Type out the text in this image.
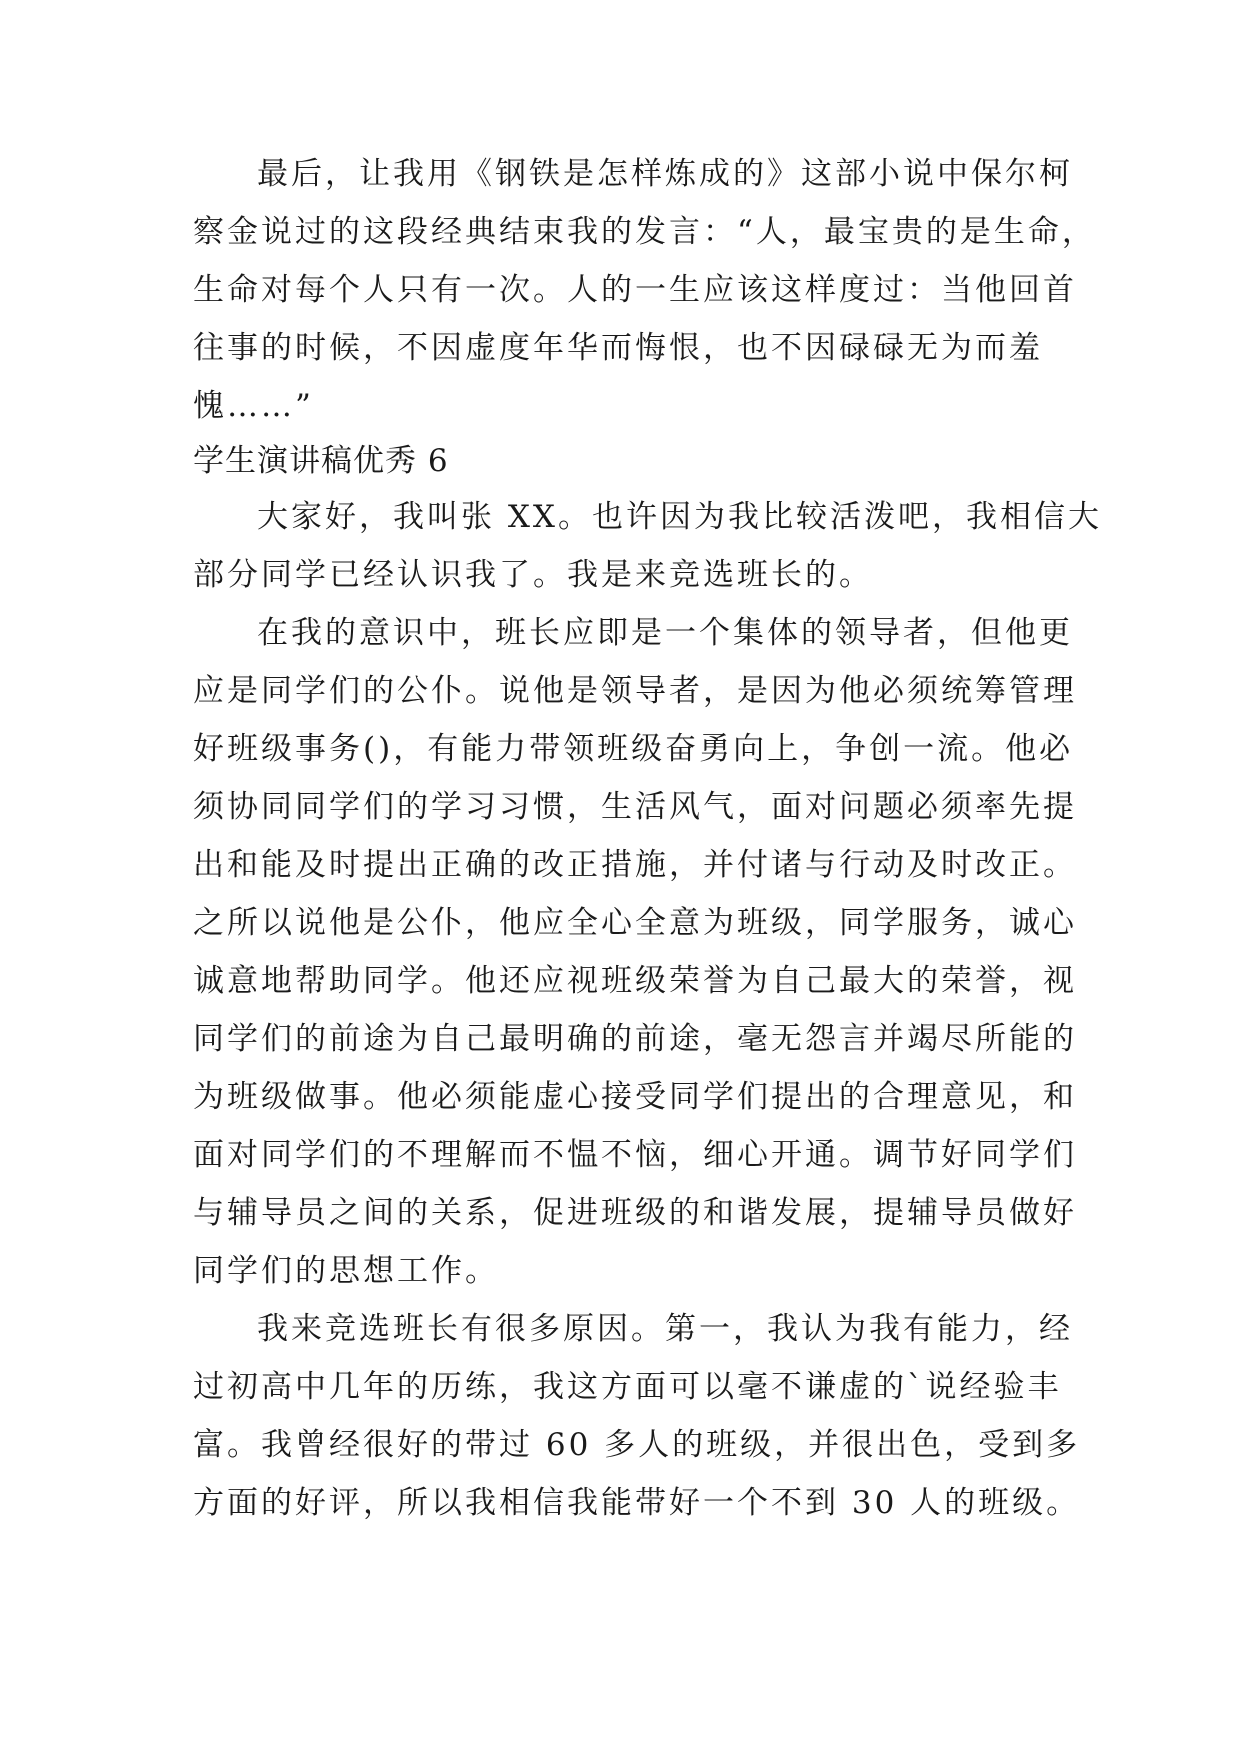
最后，让我用《钢铁是怎样炼成的》这部小说中保尔柯
察金说过的这段经典结束我的发言：“人，最宝贵的是生命，
生命对每个人只有一次。人的一生应该这样度过：当他回首
往事的时候，不因虚度年华而悔恨，也不因碌碌无为而羞
愧……”
学生演讲稿优秀 6
大家好，我叫张 XX。也许因为我比较活泼吧，我相信大
部分同学已经认识我了。我是来竞选班长的。
在我的意识中，班长应即是一个集体的领导者，但他更
应是同学们的公仆。说他是领导者，是因为他必须统筹管理
好班级事务()，有能力带领班级奋勇向上，争创一流。他必
须协同同学们的学习习惯，生活风气，面对问题必须率先提
出和能及时提出正确的改正措施，并付诸与行动及时改正。
之所以说他是公仆，他应全心全意为班级，同学服务，诚心
诚意地帮助同学。他还应视班级荣誉为自己最大的荣誉，视
同学们的前途为自己最明确的前途，毫无怨言并竭尽所能的
为班级做事。他必须能虚心接受同学们提出的合理意见，和
面对同学们的不理解而不愠不恼，细心开通。调节好同学们
与辅导员之间的关系，促进班级的和谐发展，提辅导员做好
同学们的思想工作。
我来竞选班长有很多原因。第一，我认为我有能力，经
过初高中几年的历练，我这方面可以毫不谦虚的`说经验丰
富。我曾经很好的带过 60 多人的班级，并很出色，受到多
方面的好评，所以我相信我能带好一个不到 30 人的班级。
